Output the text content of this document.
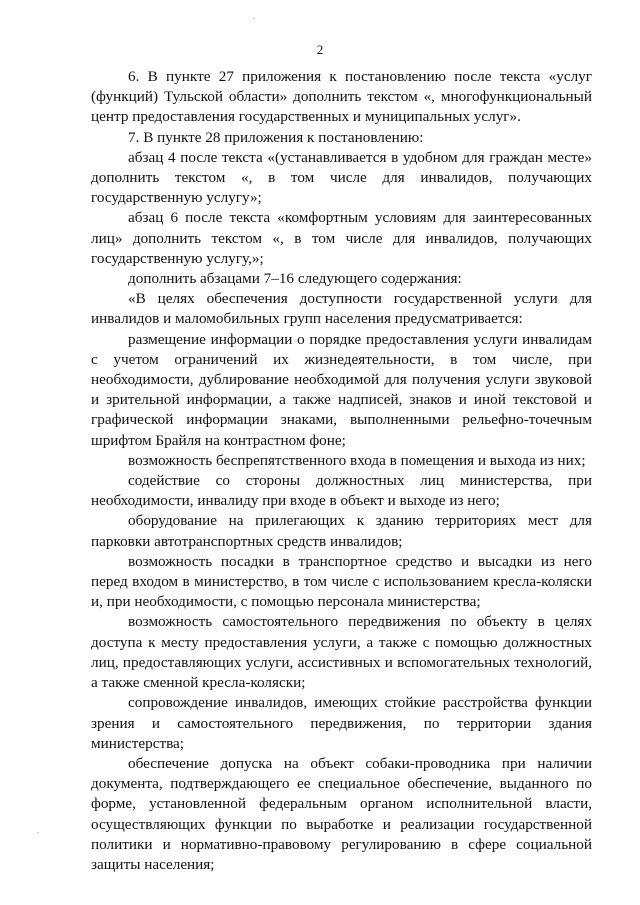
2

6. В пункте 27 приложения к постановлению после текста «услуг (функций) Тульской области» дополнить текстом «, многофункциональный центр предоставления государственных и муниципальных услуг».

7. В пункте 28 приложения к постановлению:

абзац 4 после текста «(устанавливается в удобном для граждан месте» дополнить текстом «, в том числе для инвалидов, получающих государственную услугу»;

абзац 6 после текста «комфортным условиям для заинтересованных лиц» дополнить текстом «, в том числе для инвалидов, получающих государственную услугу,»;

дополнить абзацами 7–16 следующего содержания:

«В целях обеспечения доступности государственной услуги для инвалидов и маломобильных групп населения предусматривается:

размещение информации о порядке предоставления услуги инвалидам с учетом ограничений их жизнедеятельности, в том числе, при необходимости, дублирование необходимой для получения услуги звуковой и зрительной информации, а также надписей, знаков и иной текстовой и графической информации знаками, выполненными рельефно-точечным шрифтом Брайля на контрастном фоне;

возможность беспрепятственного входа в помещения и выхода из них;

содействие со стороны должностных лиц министерства, при необходимости, инвалиду при входе в объект и выходе из него;

оборудование на прилегающих к зданию территориях мест для парковки автотранспортных средств инвалидов;

возможность посадки в транспортное средство и высадки из него перед входом в министерство, в том числе с использованием кресла-коляски и, при необходимости, с помощью персонала министерства;

возможность самостоятельного передвижения по объекту в целях доступа к месту предоставления услуги, а также с помощью должностных лиц, предоставляющих услуги, ассистивных и вспомогательных технологий, а также сменной кресла-коляски;

сопровождение инвалидов, имеющих стойкие расстройства функции зрения и самостоятельного передвижения, по территории здания министерства;

обеспечение допуска на объект собаки-проводника при наличии документа, подтверждающего ее специальное обеспечение, выданного по форме, установленной федеральным органом исполнительной власти, осуществляющих функции по выработке и реализации государственной политики и нормативно-правовому регулированию в сфере социальной защиты населения;
